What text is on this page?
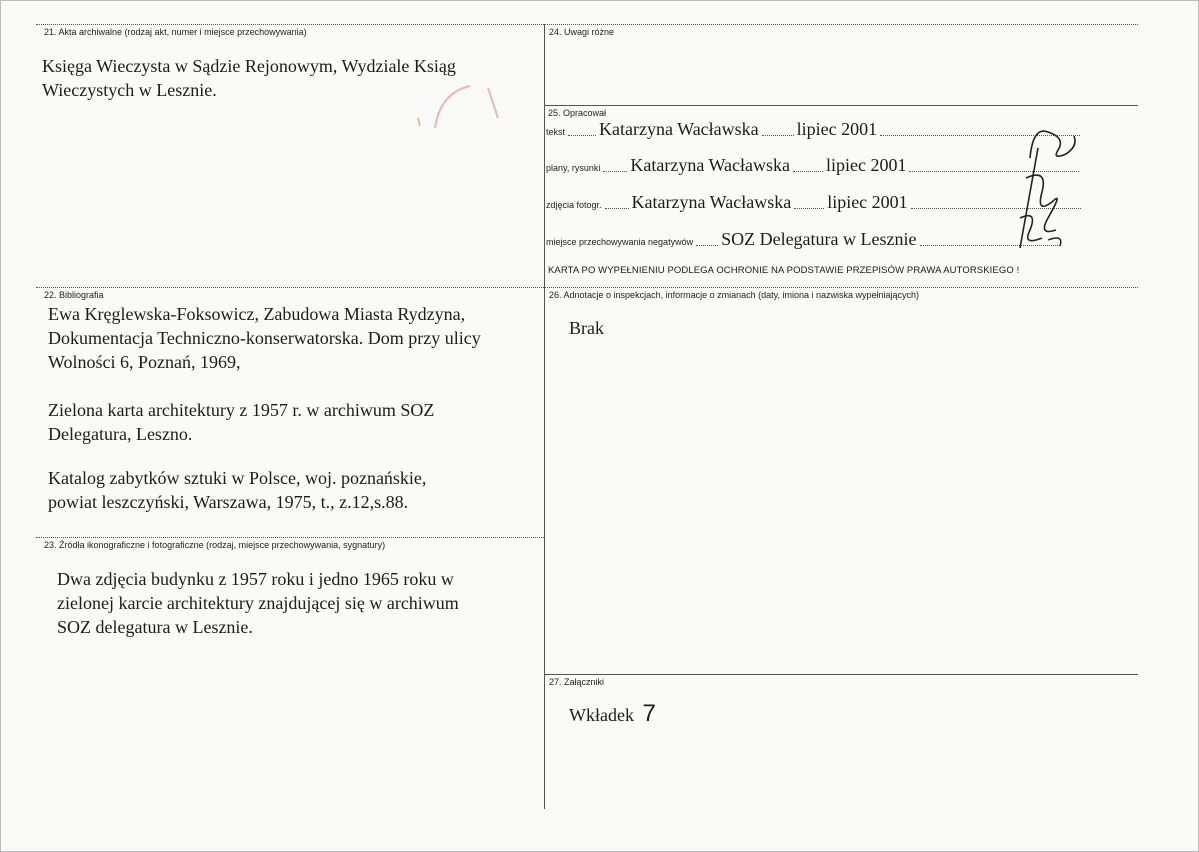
21. Akta archiwalne (rodzaj akt, numer i miejsce przechowywania)
Księga Wieczysta w Sądzie Rejonowym, Wydziale Ksiąg
Wieczystych w Lesznie.
24. Uwagi różne
25. Opracował
tekst Katarzyna Wacławska lipiec 2001
plany, rysunki Katarzyna Wacławska lipiec 2001
zdjęcia fotogr. Katarzyna Wacławska lipiec 2001
miejsce przechowywania negatywów SOZ Delegatura w Lesznie
KARTA PO WYPEŁNIENIU PODLEGA OCHRONIE NA PODSTAWIE PRZEPISÓW PRAWA AUTORSKIEGO !
22. Bibliografia
Ewa Kręglewska-Foksowicz, Zabudowa Miasta Rydzyna,
Dokumentacja Techniczno-konserwatorska. Dom przy ulicy
Wolności 6, Poznań, 1969,
Zielona karta architektury z 1957 r. w archiwum SOZ
Delegatura, Leszno.
Katalog zabytków sztuki w Polsce, woj. poznańskie,
powiat leszczyński, Warszawa, 1975, t., z.12,s.88.
26. Adnotacje o inspekcjach, informacje o zmianach (daty, imiona i nazwiska wypełniających)
Brak
23. Źródła ikonograficzne i fotograficzne (rodzaj, miejsce przechowywania, sygnatury)
Dwa zdjęcia budynku z 1957 roku i jedno 1965 roku w
zielonej karcie architektury znajdującej się w archiwum
SOZ delegatura w Lesznie.
27. Załączniki
Wkładek 7
